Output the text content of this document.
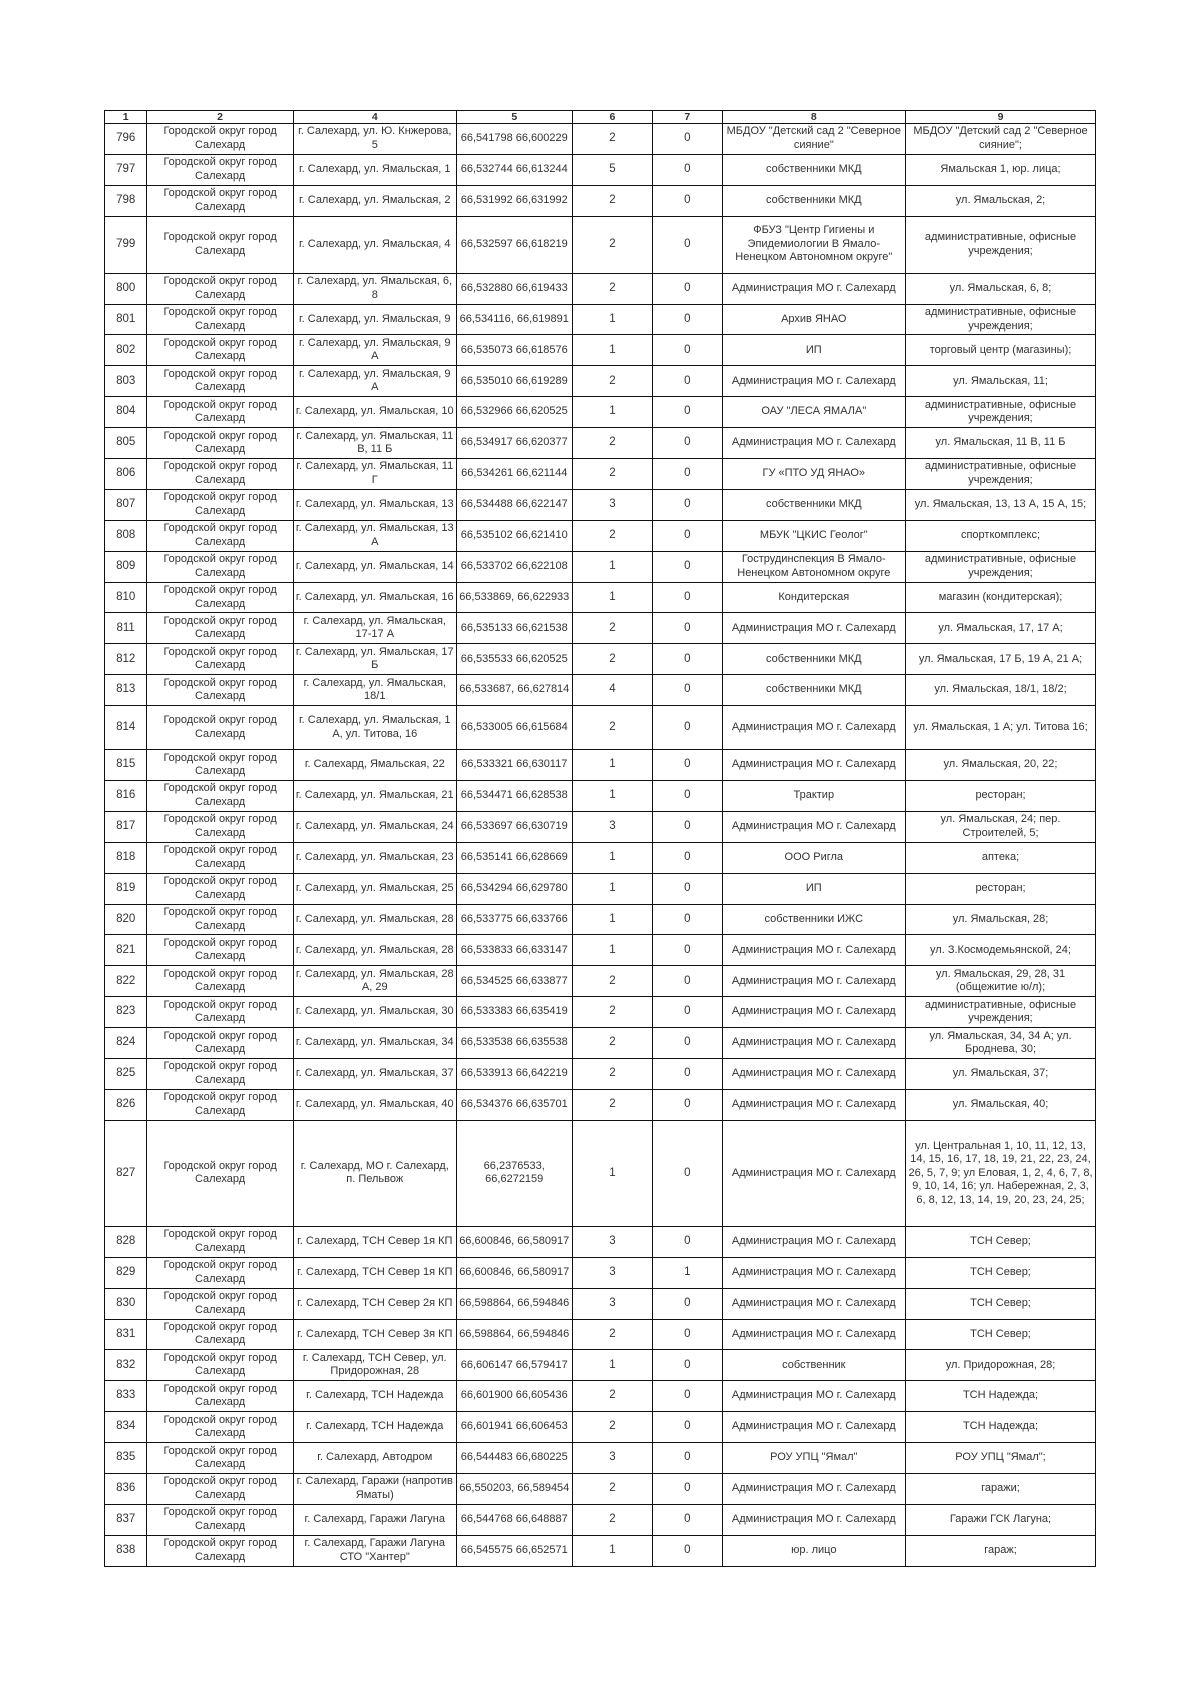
1	2	4	5	6	7	8	9
796	Городской округ город Салехард	г. Салехард, ул. Ю. Кнжерова, 5	66,541798 66,600229	2	0	МБДОУ "Детский сад 2 "Северное сияние"	МБДОУ "Детский сад 2 "Северное сияние";
797	Городской округ город Салехард	г. Салехард, ул. Ямальская, 1	66,532744 66,613244	5	0	собственники МКД	Ямальская 1, юр. лица;
798	Городской округ город Салехард	г. Салехард, ул. Ямальская, 2	66,531992 66,631992	2	0	собственники МКД	ул. Ямальская, 2;
799	Городской округ город Салехард	г. Салехард, ул. Ямальская, 4	66,532597 66,618219	2	0	ФБУЗ "Центр Гигиены и Эпидемиологии В Ямало-Ненецком Автономном округе"	административные, офисные учреждения;
800	Городской округ город Салехард	г. Салехард, ул. Ямальская, 6, 8	66,532880 66,619433	2	0	Администрация МО г. Салехард	ул. Ямальская, 6, 8;
801	Городской округ город Салехард	г. Салехард, ул. Ямальская, 9	66,534116, 66,619891	1	0	Архив ЯНАО	административные, офисные учреждения;
802	Городской округ город Салехард	г. Салехард, ул. Ямальская, 9 А	66,535073 66,618576	1	0	ИП	торговый центр (магазины);
803	Городской округ город Салехард	г. Салехард, ул. Ямальская, 9 А	66,535010 66,619289	2	0	Администрация МО г. Салехард	ул. Ямальская, 11;
804	Городской округ город Салехард	г. Салехард, ул. Ямальская, 10	66,532966 66,620525	1	0	ОАУ "ЛЕСА ЯМАЛА"	административные, офисные учреждения;
805	Городской округ город Салехард	г. Салехард, ул. Ямальская, 11 В, 11 Б	66,534917 66,620377	2	0	Администрация МО г. Салехард	ул. Ямальская, 11 В, 11 Б
806	Городской округ город Салехард	г. Салехард, ул. Ямальская, 11 Г	66,534261 66,621144	2	0	ГУ «ПТО УД ЯНАО»	административные, офисные учреждения;
807	Городской округ город Салехард	г. Салехард, ул. Ямальская, 13	66,534488 66,622147	3	0	собственники МКД	ул. Ямальская, 13, 13 А, 15 А, 15;
808	Городской округ город Салехард	г. Салехард, ул. Ямальская, 13 А	66,535102 66,621410	2	0	МБУК "ЦКИС Геолог"	спорткомплекс;
809	Городской округ город Салехард	г. Салехард, ул. Ямальская, 14	66,533702 66,622108	1	0	Гострудинспекция В Ямало-Ненецком Автономном округе	административные, офисные учреждения;
810	Городской округ город Салехард	г. Салехард, ул. Ямальская, 16	66,533869, 66,622933	1	0	Кондитерская	магазин (кондитерская);
811	Городской округ город Салехард	г. Салехард, ул. Ямальская, 17-17 А	66,535133 66,621538	2	0	Администрация МО г. Салехард	ул. Ямальская, 17, 17 А;
812	Городской округ город Салехард	г. Салехард, ул. Ямальская, 17 Б	66,535533 66,620525	2	0	собственники МКД	ул. Ямальская, 17 Б, 19 А, 21 А;
813	Городской округ город Салехард	г. Салехард, ул. Ямальская, 18/1	66,533687, 66,627814	4	0	собственники МКД	ул. Ямальская, 18/1, 18/2;
814	Городской округ город Салехард	г. Салехард, ул. Ямальская, 1 А, ул. Титова, 16	66,533005 66,615684	2	0	Администрация МО г. Салехард	ул. Ямальская, 1 А; ул. Титова 16;
815	Городской округ город Салехард	г. Салехард, Ямальская, 22	66,533321 66,630117	1	0	Администрация МО г. Салехард	ул. Ямальская, 20, 22;
816	Городской округ город Салехард	г. Салехард, ул. Ямальская, 21	66,534471 66,628538	1	0	Трактир	ресторан;
817	Городской округ город Салехард	г. Салехард, ул. Ямальская, 24	66,533697 66,630719	3	0	Администрация МО г. Салехард	ул. Ямальская, 24; пер. Строителей, 5;
818	Городской округ город Салехард	г. Салехард, ул. Ямальская, 23	66,535141 66,628669	1	0	ООО Ригла	аптека;
819	Городской округ город Салехард	г. Салехард, ул. Ямальская, 25	66,534294 66,629780	1	0	ИП	ресторан;
820	Городской округ город Салехард	г. Салехард, ул. Ямальская, 28	66,533775 66,633766	1	0	собственники ИЖС	ул. Ямальская, 28;
821	Городской округ город Салехард	г. Салехард, ул. Ямальская, 28	66,533833 66,633147	1	0	Администрация МО г. Салехард	ул. З.Космодемьянской, 24;
822	Городской округ город Салехард	г. Салехард, ул. Ямальская, 28 А, 29	66,534525 66,633877	2	0	Администрация МО г. Салехард	ул. Ямальская, 29, 28, 31 (общежитие ю/л);
823	Городской округ город Салехард	г. Салехард, ул. Ямальская, 30	66,533383 66,635419	2	0	Администрация МО г. Салехард	административные, офисные учреждения;
824	Городской округ город Салехард	г. Салехард, ул. Ямальская, 34	66,533538 66,635538	2	0	Администрация МО г. Салехард	ул. Ямальская, 34, 34 А; ул. Броднева, 30;
825	Городской округ город Салехард	г. Салехард, ул. Ямальская, 37	66,533913 66,642219	2	0	Администрация МО г. Салехард	ул. Ямальская, 37;
826	Городской округ город Салехард	г. Салехард, ул. Ямальская, 40	66,534376 66,635701	2	0	Администрация МО г. Салехард	ул. Ямальская, 40;
827	Городской округ город Салехард	г. Салехард, МО г. Салехард, п. Пельвож	66,2376533, 66,6272159	1	0	Администрация МО г. Салехард	ул. Центральная 1, 10, 11, 12, 13, 14, 15, 16, 17, 18, 19, 21, 22, 23, 24, 26, 5, 7, 9; ул Еловая, 1, 2, 4, 6, 7, 8, 9, 10, 14, 16; ул. Набережная, 2, 3, 6, 8, 12, 13, 14, 19, 20, 23, 24, 25;
828	Городской округ город Салехард	г. Салехард, ТСН Север 1я КП	66,600846, 66,580917	3	0	Администрация МО г. Салехард	ТСН Север;
829	Городской округ город Салехард	г. Салехард, ТСН Север 1я КП	66,600846, 66,580917	3	1	Администрация МО г. Салехард	ТСН Север;
830	Городской округ город Салехард	г. Салехард, ТСН Север 2я КП	66,598864, 66,594846	3	0	Администрация МО г. Салехард	ТСН Север;
831	Городской округ город Салехард	г. Салехард, ТСН Север 3я КП	66,598864, 66,594846	2	0	Администрация МО г. Салехард	ТСН Север;
832	Городской округ город Салехард	г. Салехард, ТСН Север, ул. Придорожная, 28	66,606147 66,579417	1	0	собственник	ул. Придорожная, 28;
833	Городской округ город Салехард	г. Салехард, ТСН Надежда	66,601900 66,605436	2	0	Администрация МО г. Салехард	ТСН Надежда;
834	Городской округ город Салехард	г. Салехард, ТСН Надежда	66,601941 66,606453	2	0	Администрация МО г. Салехард	ТСН Надежда;
835	Городской округ город Салехард	г. Салехард, Автодром	66,544483 66,680225	3	0	РОУ УПЦ "Ямал"	РОУ УПЦ "Ямал";
836	Городской округ город Салехард	г. Салехард, Гаражи (напротив Яматы)	66,550203, 66,589454	2	0	Администрация МО г. Салехард	гаражи;
837	Городской округ город Салехард	г. Салехард, Гаражи Лагуна	66,544768 66,648887	2	0	Администрация МО г. Салехард	Гаражи ГСК Лагуна;
838	Городской округ город Салехард	г. Салехард, Гаражи Лагуна СТО "Хантер"	66,545575 66,652571	1	0	юр. лицо	гараж;
